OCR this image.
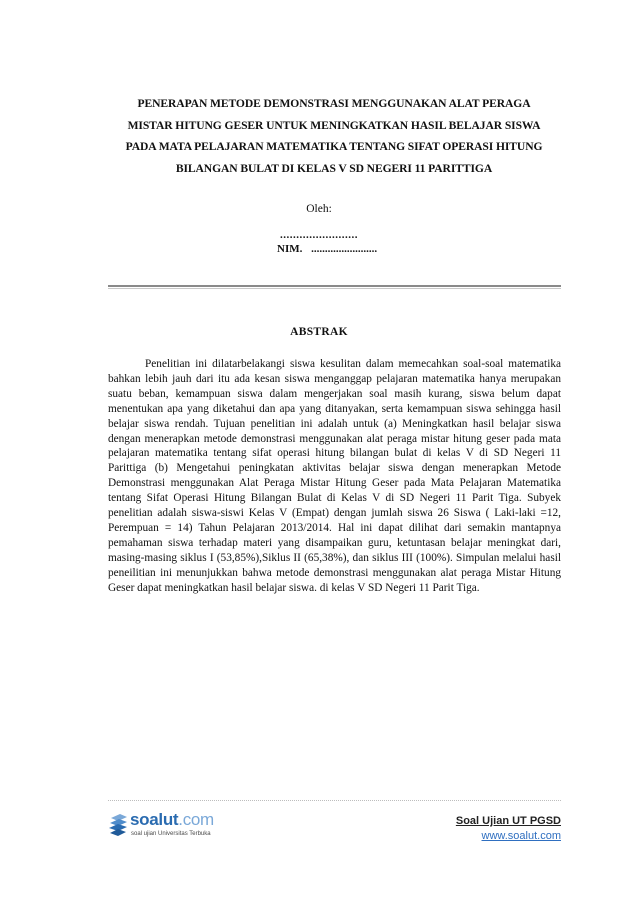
PENERAPAN METODE DEMONSTRASI MENGGUNAKAN ALAT PERAGA
MISTAR HITUNG GESER UNTUK MENINGKATKAN HASIL BELAJAR SISWA
PADA MATA PELAJARAN MATEMATIKA TENTANG SIFAT OPERASI HITUNG
BILANGAN BULAT DI KELAS V SD NEGERI 11 PARITTIGA
Oleh:
........................
NIM. ........................
ABSTRAK

Penelitian ini dilatarbelakangi siswa kesulitan dalam memecahkan soal-soal matematika bahkan lebih jauh dari itu ada kesan siswa menganggap pelajaran matematika hanya merupakan suatu beban, kemampuan siswa dalam mengerjakan soal masih kurang, siswa belum dapat menentukan apa yang diketahui dan apa yang ditanyakan, serta kemampuan siswa sehingga hasil belajar siswa rendah. Tujuan penelitian ini adalah untuk (a) Meningkatkan hasil belajar siswa dengan menerapkan metode demonstrasi menggunakan alat peraga mistar hitung geser pada mata pelajaran matematika tentang sifat operasi hitung bilangan bulat di kelas V di SD Negeri 11 Parittiga (b) Mengetahui peningkatan aktivitas belajar siswa dengan menerapkan Metode Demonstrasi menggunakan Alat Peraga Mistar Hitung Geser pada Mata Pelajaran Matematika tentang Sifat Operasi Hitung Bilangan Bulat di Kelas V di SD Negeri 11 Parit Tiga. Subyek penelitian adalah siswa-siswi Kelas V (Empat) dengan jumlah siswa 26 Siswa ( Laki-laki =12, Perempuan = 14) Tahun Pelajaran 2013/2014. Hal ini dapat dilihat dari semakin mantapnya pemahaman siswa terhadap materi yang disampaikan guru, ketuntasan belajar meningkat dari, masing-masing siklus I (53,85%),Siklus II (65,38%), dan siklus III (100%). Simpulan melalui hasil peneilitian ini menunjukkan bahwa metode demonstrasi menggunakan alat peraga Mistar Hitung Geser dapat meningkatkan hasil belajar siswa. di kelas V SD Negeri 11 Parit Tiga.

soalut.com
soal ujian Universitas Terbuka
Soal Ujian UT PGSD
www.soalut.com
